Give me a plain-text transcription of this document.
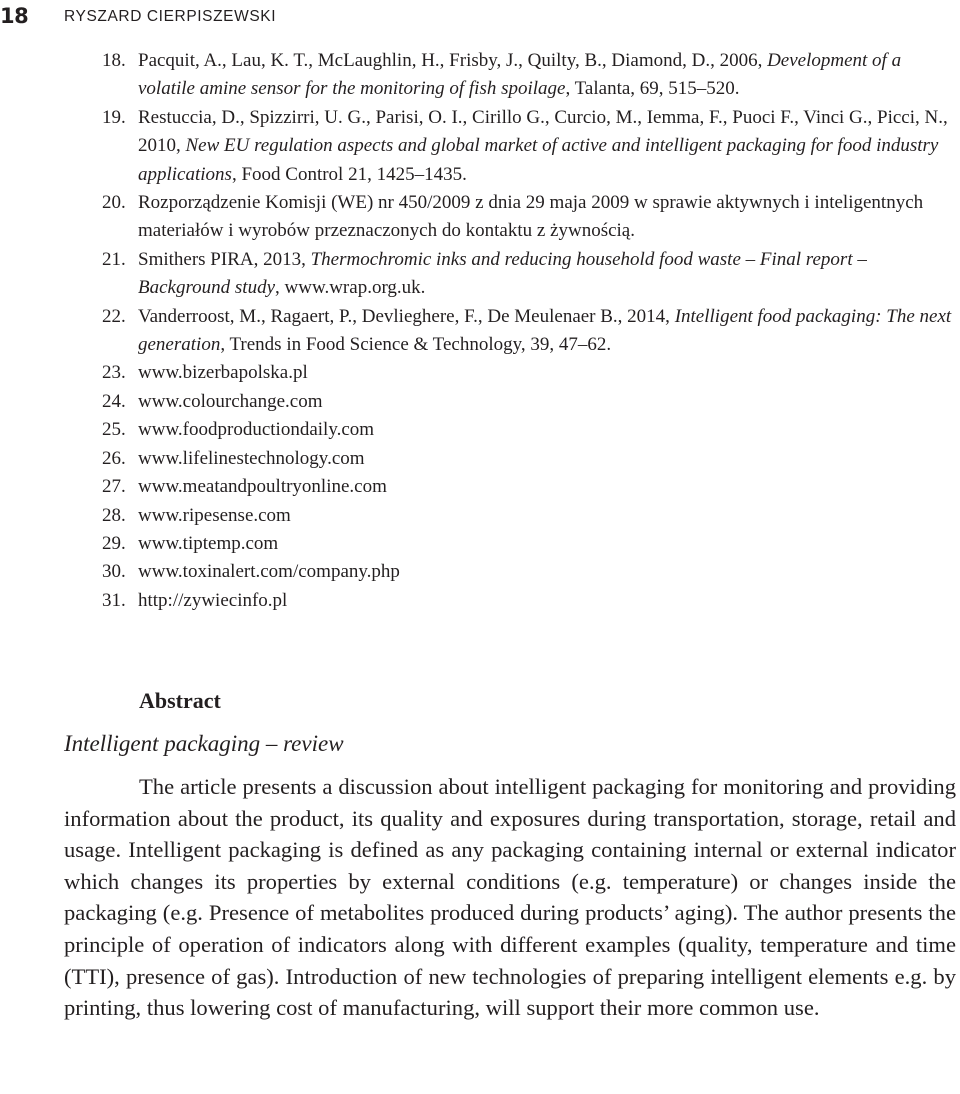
18 RYSZARD CIERPISZEWSKI
18. Pacquit, A., Lau, K. T., McLaughlin, H., Frisby, J., Quilty, B., Diamond, D., 2006, Development of a volatile amine sensor for the monitoring of fish spoilage, Talanta, 69, 515–520.
19. Restuccia, D., Spizzirri, U. G., Parisi, O. I., Cirillo G., Curcio, M., Iemma, F., Puoci F., Vinci G., Picci, N., 2010, New EU regulation aspects and global market of active and intelligent packaging for food industry applications, Food Control 21, 1425–1435.
20. Rozporządzenie Komisji (WE) nr 450/2009 z dnia 29 maja 2009 w sprawie aktywnych i inteligentnych materiałów i wyrobów przeznaczonych do kontaktu z żywnością.
21. Smithers PIRA, 2013, Thermochromic inks and reducing household food waste – Final report – Background study, www.wrap.org.uk.
22. Vanderroost, M., Ragaert, P., Devlieghere, F., De Meulenaer B., 2014, Intelligent food packaging: The next generation, Trends in Food Science & Technology, 39, 47–62.
23. www.bizerbapolska.pl
24. www.colourchange.com
25. www.foodproductiondaily.com
26. www.lifelinestechnology.com
27. www.meatandpoultryonline.com
28. www.ripesense.com
29. www.tiptemp.com
30. www.toxinalert.com/company.php
31. http://zywiecinfo.pl
Abstract
Intelligent packaging – review

The article presents a discussion about intelligent packaging for monitoring and providing information about the product, its quality and exposures during transportation, storage, retail and usage. Intelligent packaging is defined as any packaging containing internal or external indicator which changes its properties by external conditions (e.g. temperature) or changes inside the packaging (e.g. Presence of metabolites produced during products’ aging). The author presents the principle of operation of indicators along with different examples (quality, temperature and time (TTI), presence of gas). Introduction of new technologies of preparing intelligent elements e.g. by printing, thus lowering cost of manufacturing, will support their more common use.
